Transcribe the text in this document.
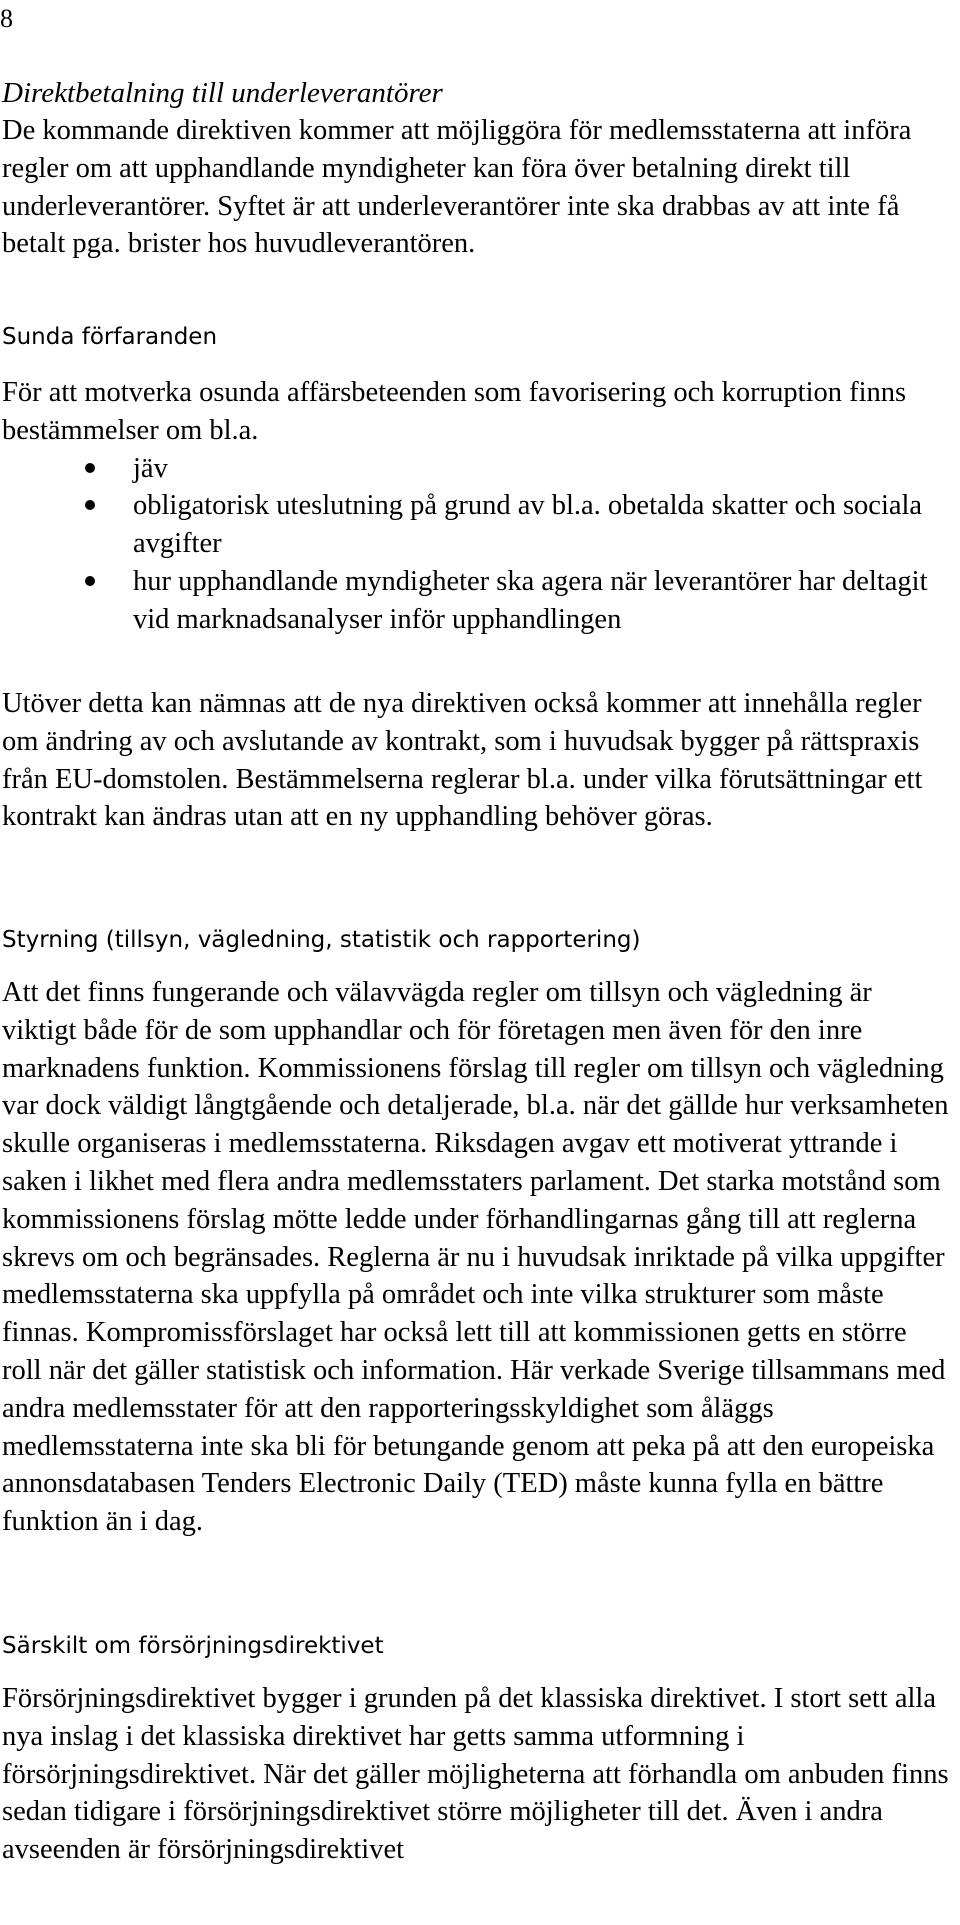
8

Direktbetalning till underleverantörer

De kommande direktiven kommer att möjliggöra för medlemsstaterna att införa regler om att upphandlande myndigheter kan föra över betalning direkt till underleverantörer. Syftet är att underleverantörer inte ska drabbas av att inte få betalt pga. brister hos huvudleverantören.

Sunda förfaranden

För att motverka osunda affärsbeteenden som favorisering och korruption finns bestämmelser om bl.a.

jäv
obligatorisk uteslutning på grund av bl.a. obetalda skatter och sociala avgifter
hur upphandlande myndigheter ska agera när leverantörer har deltagit vid marknadsanalyser inför upphandlingen

Utöver detta kan nämnas att de nya direktiven också kommer att innehålla regler om ändring av och avslutande av kontrakt, som i huvudsak bygger på rättspraxis från EU-domstolen. Bestämmelserna reglerar bl.a. under vilka förutsättningar ett kontrakt kan ändras utan att en ny upphandling behöver göras.

Styrning (tillsyn, vägledning, statistik och rapportering)

Att det finns fungerande och välavvägda regler om tillsyn och vägledning är viktigt både för de som upphandlar och för företagen men även för den inre marknadens funktion. Kommissionens förslag till regler om tillsyn och vägledning var dock väldigt långtgående och detaljerade, bl.a. när det gällde hur verksamheten skulle organiseras i medlemsstaterna. Riksdagen avgav ett motiverat yttrande i saken i likhet med flera andra medlemsstaters parlament. Det starka motstånd som kommissionens förslag mötte ledde under förhandlingarnas gång till att reglerna skrevs om och begränsades. Reglerna är nu i huvudsak inriktade på vilka uppgifter medlemsstaterna ska uppfylla på området och inte vilka strukturer som måste finnas. Kompromissförslaget har också lett till att kommissionen getts en större roll när det gäller statistisk och information. Här verkade Sverige tillsammans med andra medlemsstater för att den rapporteringsskyldighet som åläggs medlemsstaterna inte ska bli för betungande genom att peka på att den europeiska annonsdatabasen Tenders Electronic Daily (TED) måste kunna fylla en bättre funktion än i dag.

Särskilt om försörjningsdirektivet

Försörjningsdirektivet bygger i grunden på det klassiska direktivet. I stort sett alla nya inslag i det klassiska direktivet har getts samma utformning i försörjningsdirektivet. När det gäller möjligheterna att förhandla om anbuden finns sedan tidigare i försörjningsdirektivet större möjligheter till det. Även i andra avseenden är försörjningsdirektivet
